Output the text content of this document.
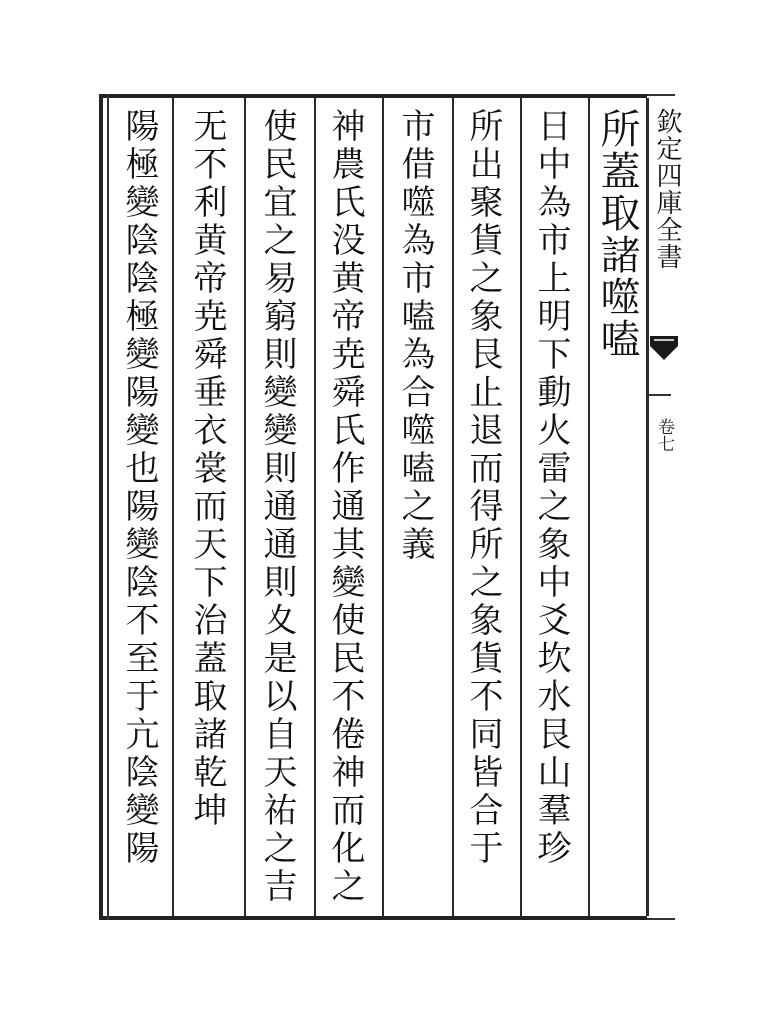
欽定四庫全書
卷七
所蓋取諸噬嗑
日中為市上明下動火雷之象中爻坎水艮山羣珍
所出聚貨之象艮止退而得所之象貨不同皆合于
市借噬為市嗑為合噬嗑之義
神農氏没黄帝尭舜氏作通其變使民不倦神而化之
使民宜之易窮則變變則通通則夊是以自天祐之吉
无不利黄帝尭舜垂衣裳而天下治蓋取諸乾坤
陽極變陰陰極變陽變也陽變陰不至于亢陰變陽
